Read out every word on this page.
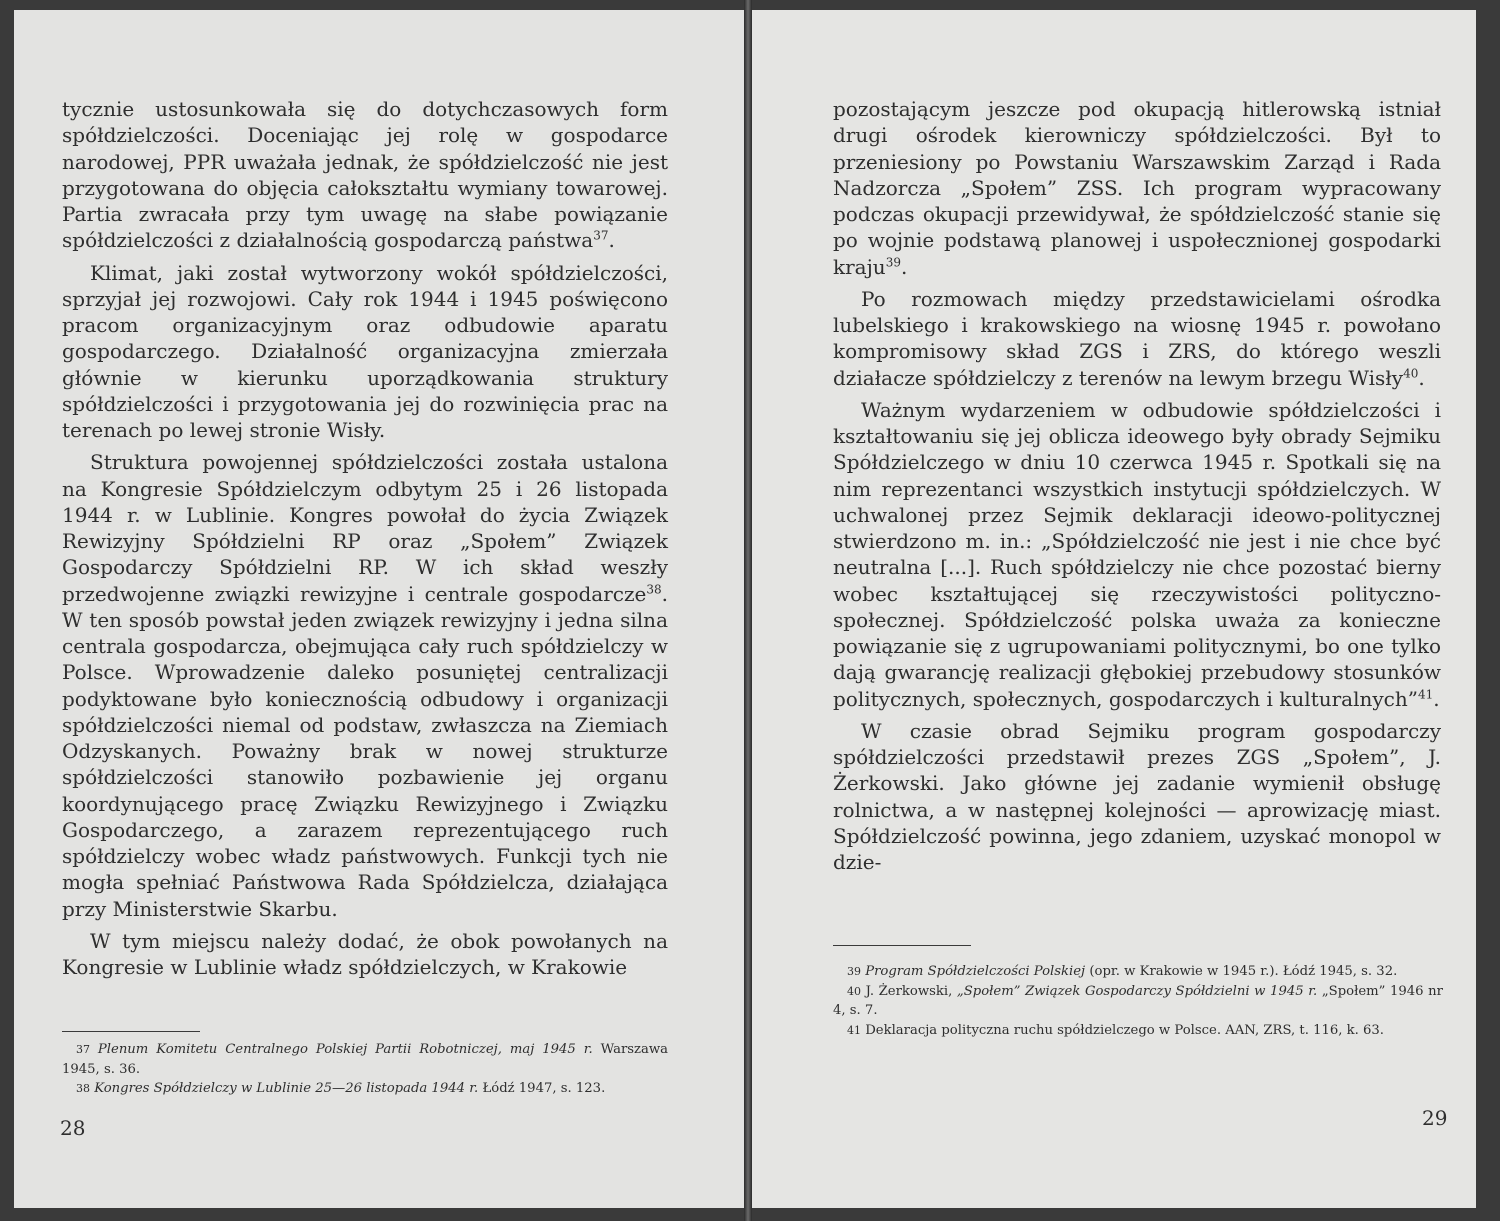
tycznie ustosunkowała się do dotychczasowych form spółdzielczości. Doceniając jej rolę w gospodarce narodowej, PPR uważała jednak, że spółdzielczość nie jest przygotowana do objęcia całokształtu wymiany towarowej. Partia zwracała przy tym uwagę na słabe powiązanie spółdzielczości z działalnością gospodarczą państwa$^{37}$.

Klimat, jaki został wytworzony wokół spółdzielczości, sprzyjał jej rozwojowi. Cały rok 1944 i 1945 poświęcono pracom organizacyjnym oraz odbudowie aparatu gospodarczego. Działalność organizacyjna zmierzała głównie w kierunku uporządkowania struktury spółdzielczości i przygotowania jej do rozwinięcia prac na terenach po lewej stronie Wisły.

Struktura powojennej spółdzielczości została ustalona na Kongresie Spółdzielczym odbytym 25 i 26 listopada 1944 r. w Lublinie. Kongres powołał do życia Związek Rewizyjny Spółdzielni RP oraz „Społem” Związek Gospodarczy Spółdzielni RP. W ich skład weszły przedwojenne związki rewizyjne i centrale gospodarcze$^{38}$. W ten sposób powstał jeden związek rewizyjny i jedna silna centrala gospodarcza, obejmująca cały ruch spółdzielczy w Polsce. Wprowadzenie daleko posuniętej centralizacji podyktowane było koniecznością odbudowy i organizacji spółdzielczości niemal od podstaw, zwłaszcza na Ziemiach Odzyskanych. Poważny brak w nowej strukturze spółdzielczości stanowiło pozbawienie jej organu koordynującego pracę Związku Rewizyjnego i Związku Gospodarczego, a zarazem reprezentującego ruch spółdzielczy wobec władz państwowych. Funkcji tych nie mogła spełniać Państwowa Rada Spółdzielcza, działająca przy Ministerstwie Skarbu.

W tym miejscu należy dodać, że obok powołanych na Kongresie w Lublinie władz spółdzielczych, w Krakowie

37 Plenum Komitetu Centralnego Polskiej Partii Robotniczej, maj 1945 r. Warszawa 1945, s. 36.

38 Kongres Spółdzielczy w Lublinie 25—26 listopada 1944 r. Łódź 1947, s. 123.

28

pozostającym jeszcze pod okupacją hitlerowską istniał drugi ośrodek kierowniczy spółdzielczości. Był to przeniesiony po Powstaniu Warszawskim Zarząd i Rada Nadzorcza „Społem” ZSS. Ich program wypracowany podczas okupacji przewidywał, że spółdzielczość stanie się po wojnie podstawą planowej i uspołecznionej gospodarki kraju$^{39}$.

Po rozmowach między przedstawicielami ośrodka lubelskiego i krakowskiego na wiosnę 1945 r. powołano kompromisowy skład ZGS i ZRS, do którego weszli działacze spółdzielczy z terenów na lewym brzegu Wisły$^{40}$.

Ważnym wydarzeniem w odbudowie spółdzielczości i kształtowaniu się jej oblicza ideowego były obrady Sejmiku Spółdzielczego w dniu 10 czerwca 1945 r. Spotkali się na nim reprezentanci wszystkich instytucji spółdzielczych. W uchwalonej przez Sejmik deklaracji ideowo-politycznej stwierdzono m. in.: „Spółdzielczość nie jest i nie chce być neutralna [...]. Ruch spółdzielczy nie chce pozostać bierny wobec kształtującej się rzeczywistości polityczno-społecznej. Spółdzielczość polska uważa za konieczne powiązanie się z ugrupowaniami politycznymi, bo one tylko dają gwarancję realizacji głębokiej przebudowy stosunków politycznych, społecznych, gospodarczych i kulturalnych”$^{41}$.

W czasie obrad Sejmiku program gospodarczy spółdzielczości przedstawił prezes ZGS „Społem”, J. Żerkowski. Jako główne jej zadanie wymienił obsługę rolnictwa, a w następnej kolejności — aprowizację miast. Spółdzielczość powinna, jego zdaniem, uzyskać monopol w dzie-

39 Program Spółdzielczości Polskiej (opr. w Krakowie w 1945 r.). Łódź 1945, s. 32.

40 J. Żerkowski, „Społem” Związek Gospodarczy Spółdzielni w 1945 r. „Społem” 1946 nr 4, s. 7.

41 Deklaracja polityczna ruchu spółdzielczego w Polsce. AAN, ZRS, t. 116, k. 63.

29
